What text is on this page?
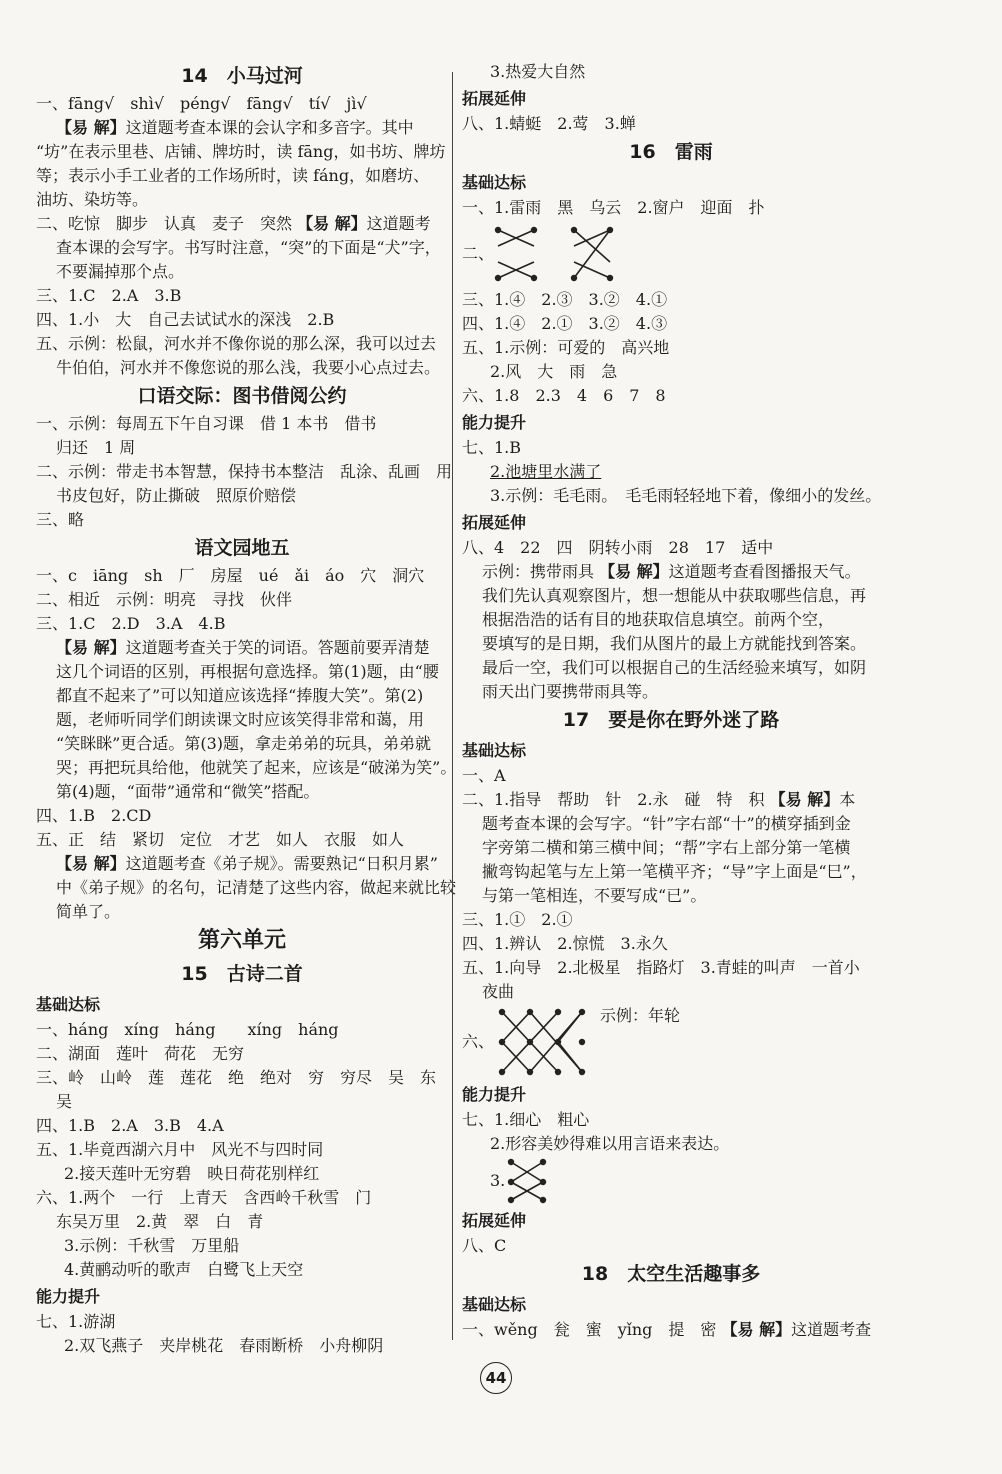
14　小马过河
一、fāng√　shì√　péng√　fāng√　tí√　jì√
【易 解】这道题考查本课的会认字和多音字。其中
“坊”在表示里巷、店铺、牌坊时，读 fāng，如书坊、牌坊
等；表示小手工业者的工作场所时，读 fáng，如磨坊、
油坊、染坊等。
二、吃惊　脚步　认真　麦子　突然 【易 解】这道题考
查本课的会写字。书写时注意，“突”的下面是“犬”字，
不要漏掉那个点。
三、1.C　2.A　3.B
四、1.小　大　自己去试试水的深浅　2.B
五、示例：松鼠，河水并不像你说的那么深，我可以过去
牛伯伯，河水并不像您说的那么浅，我要小心点过去。
口语交际：图书借阅公约
一、示例：每周五下午自习课　借 1 本书　借书
归还　1 周
二、示例：带走书本智慧，保持书本整洁　乱涂、乱画　用
书皮包好，防止撕破　照原价赔偿
三、略
语文园地五
一、c　iāng　sh　厂　房屋　ué　ǎi　áo　穴　洞穴
二、相近　示例：明亮　寻找　伙伴
三、1.C　2.D　3.A　4.B
【易 解】这道题考查关于笑的词语。答题前要弄清楚
这几个词语的区别，再根据句意选择。第(1)题，由“腰
都直不起来了”可以知道应该选择“捧腹大笑”。第(2)
题，老师听同学们朗读课文时应该笑得非常和蔼，用
“笑眯眯”更合适。第(3)题，拿走弟弟的玩具，弟弟就
哭；再把玩具给他，他就笑了起来，应该是“破涕为笑”。
第(4)题，“面带”通常和“微笑”搭配。
四、1.B　2.CD
五、正　结　紧切　定位　才艺　如人　衣服　如人
【易 解】这道题考查《弟子规》。需要熟记“日积月累”
中《弟子规》的名句，记清楚了这些内容，做起来就比较
简单了。
第六单元
15　古诗二首
基础达标
一、háng　xíng　háng　　xíng　háng
二、湖面　莲叶　荷花　无穷
三、岭　山岭　莲　莲花　绝　绝对　穷　穷尽　吴　东
吴
四、1.B　2.A　3.B　4.A
五、1.毕竟西湖六月中　风光不与四时同
2.接天莲叶无穷碧　映日荷花别样红
六、1.两个　一行　上青天　含西岭千秋雪　门
东吴万里　2.黄　翠　白　青
3.示例：千秋雪　万里船
4.黄鹂动听的歌声　白鹭飞上天空
能力提升
七、1.游湖
2.双飞燕子　夹岸桃花　春雨断桥　小舟柳阴
3.热爱大自然
拓展延伸
八、1.蜻蜓　2.莺　3.蝉
16　雷雨
基础达标
一、1.雷雨　黑　乌云　2.窗户　迎面　扑
二、
三、1.④　2.③　3.②　4.①
四、1.④　2.①　3.②　4.③
五、1.示例：可爱的　高兴地
2.风　大　雨　急
六、1.8　2.3　4　6　7　8
能力提升
七、1.B
2.池塘里水满了
3.示例：毛毛雨。　毛毛雨轻轻地下着，像细小的发丝。
拓展延伸
八、4　22　四　阴转小雨　28　17　适中
示例：携带雨具 【易 解】这道题考查看图播报天气。
我们先认真观察图片，想一想能从中获取哪些信息，再
根据浩浩的话有目的地获取信息填空。前两个空，
要填写的是日期，我们从图片的最上方就能找到答案。
最后一空，我们可以根据自己的生活经验来填写，如阴
雨天出门要携带雨具等。
17　要是你在野外迷了路
基础达标
一、A
二、1.指导　帮助　针　2.永　碰　特　积 【易 解】本
题考查本课的会写字。“针”字右部“十”的横穿插到金
字旁第二横和第三横中间；“帮”字右上部分第一笔横
撇弯钩起笔与左上第一笔横平齐；“导”字上面是“巳”，
与第一笔相连，不要写成“已”。
三、1.①　2.①
四、1.辨认　2.惊慌　3.永久
五、1.向导　2.北极星　指路灯　3.青蛙的叫声　一首小
夜曲
六、
示例：年轮
能力提升
七、1.细心　粗心
2.形容美妙得难以用言语来表达。
3.
拓展延伸
八、C
18　太空生活趣事多
基础达标
一、wěng　瓮　蜜　yǐng　提　密 【易 解】这道题考查
44
